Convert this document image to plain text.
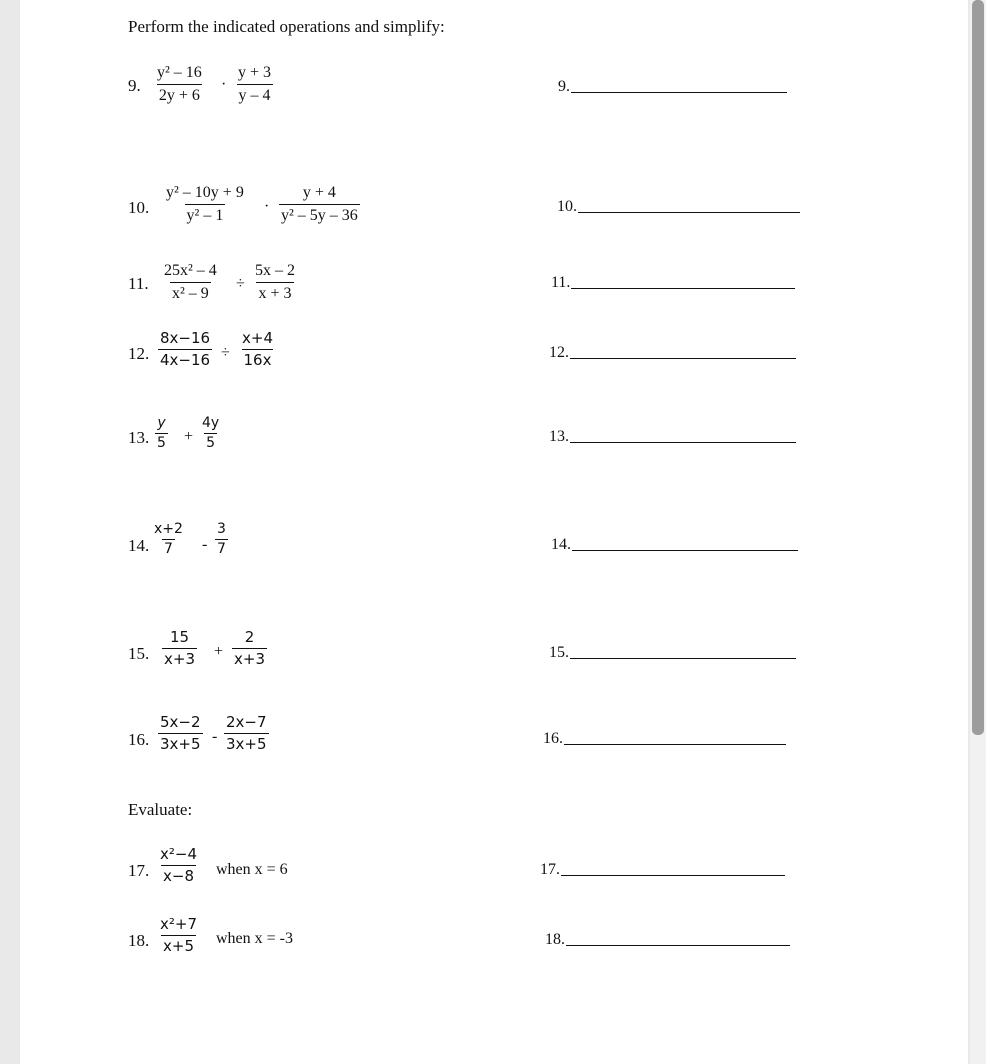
Perform the indicated operations and simplify:
9. $\frac{\text{y² – 16}}{2y + 6} \cdot \frac{y + 3}{y - 4}$	9.
10. $\frac{\text{y² – 10y + 9}}{\text{y² – 1}} \cdot \frac{y + 4}{\text{y² – 5y – 36}}$	10.
11. $\frac{\text{25x² – 4}}{\text{x² – 9}} \div \frac{5x - 2}{x + 3}$	11.
12. $\frac{8x-16}{4x-16} \div \frac{x+4}{16x}$	12.
13. $\frac{y}{5} + \frac{4y}{5}$	13.
14. $\frac{x+2}{7} - \frac{3}{7}$	14.
15. $\frac{15}{x+3} + \frac{2}{x+3}$	15.
16. $\frac{5x-2}{3x+5} - \frac{2x-7}{3x+5}$	16.
Evaluate:
17. $\frac{\text{x²−4}}{x-8}$ when x = 6	17.
18. $\frac{\text{x²+7}}{x+5}$ when x = -3	18.
